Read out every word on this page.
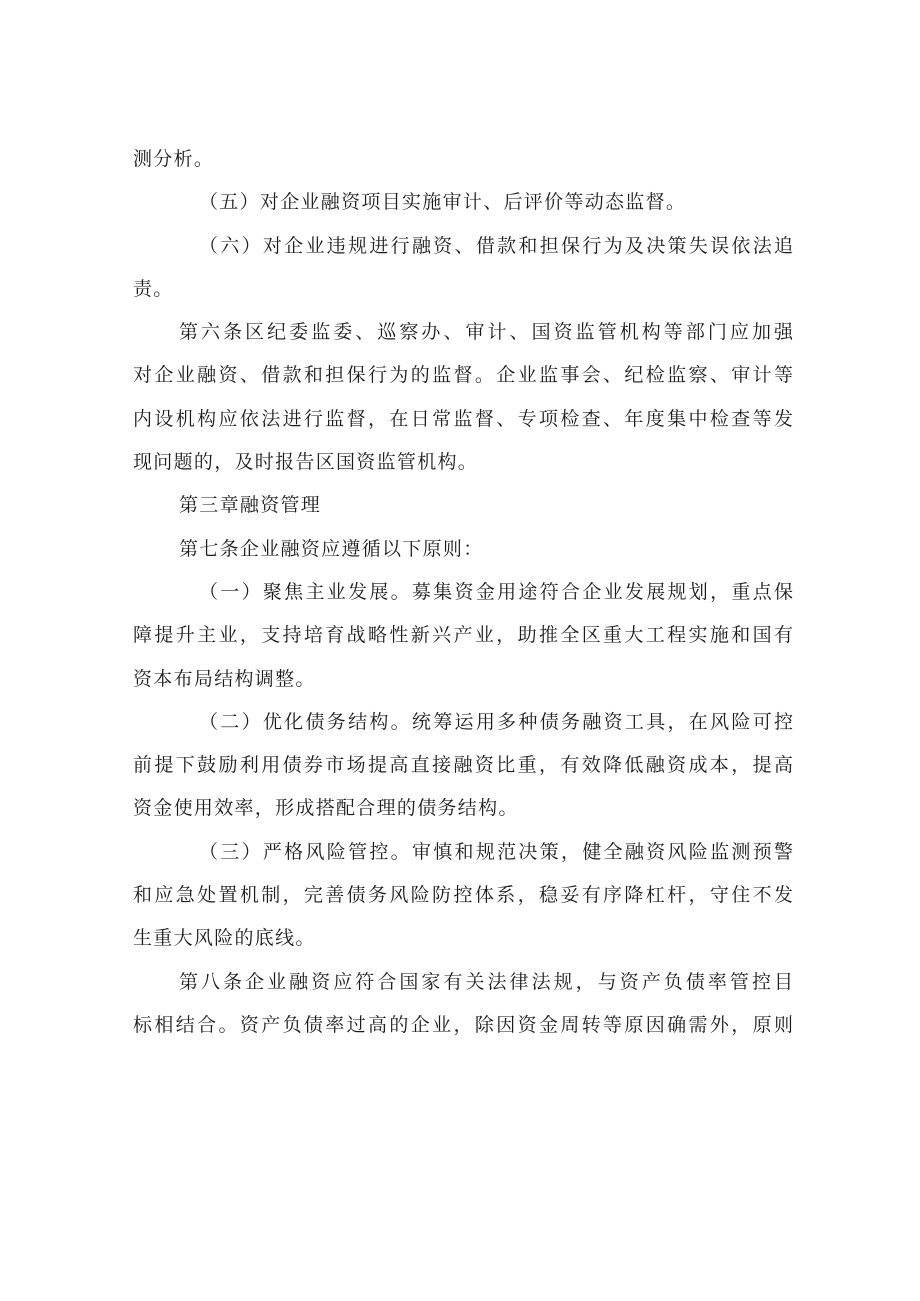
测分析。
（五）对企业融资项目实施审计、后评价等动态监督。
（六）对企业违规进行融资、借款和担保行为及决策失误依法追
责。
第六条区纪委监委、巡察办、审计、国资监管机构等部门应加强
对企业融资、借款和担保行为的监督。企业监事会、纪检监察、审计等
内设机构应依法进行监督，在日常监督、专项检查、年度集中检查等发
现问题的，及时报告区国资监管机构。
第三章融资管理
第七条企业融资应遵循以下原则：
（一）聚焦主业发展。募集资金用途符合企业发展规划，重点保
障提升主业，支持培育战略性新兴产业，助推全区重大工程实施和国有
资本布局结构调整。
（二）优化债务结构。统筹运用多种债务融资工具，在风险可控
前提下鼓励利用债券市场提高直接融资比重，有效降低融资成本，提高
资金使用效率，形成搭配合理的债务结构。
（三）严格风险管控。审慎和规范决策，健全融资风险监测预警
和应急处置机制，完善债务风险防控体系，稳妥有序降杠杆，守住不发
生重大风险的底线。
第八条企业融资应符合国家有关法律法规，与资产负债率管控目
标相结合。资产负债率过高的企业，除因资金周转等原因确需外，原则
